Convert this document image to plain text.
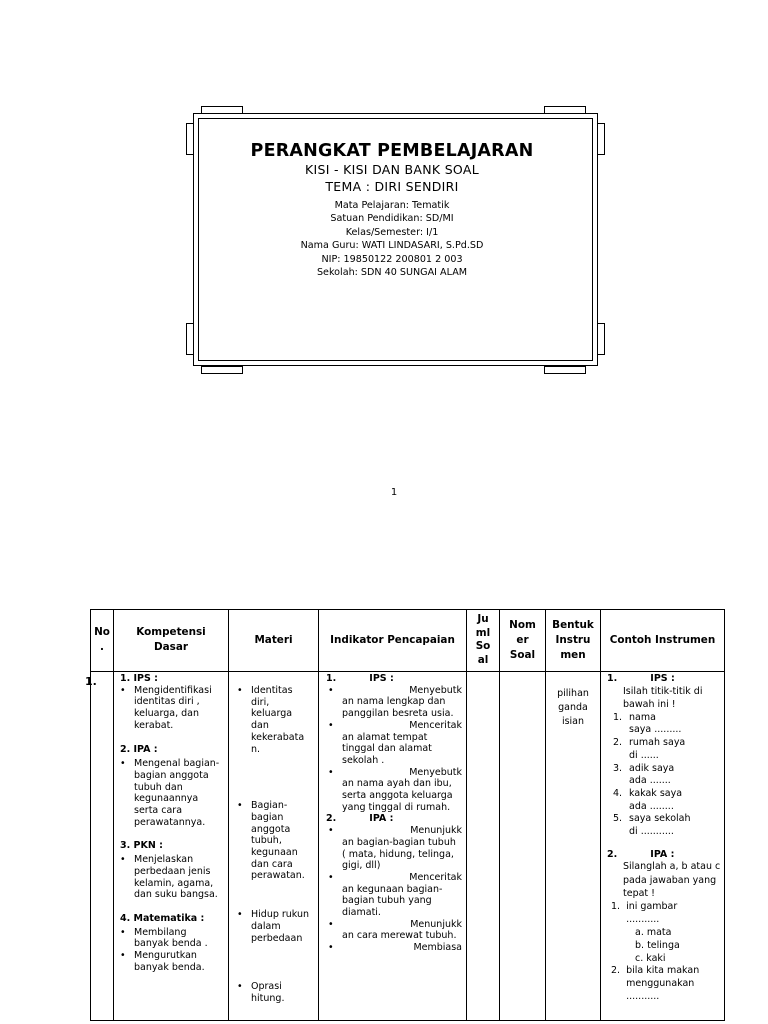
PERANGKAT PEMBELAJARAN

KISI - KISI DAN BANK SOAL

TEMA : DIRI SENDIRI

Mata Pelajaran: Tematik
Satuan Pendidikan: SD/MI
Kelas/Semester: I/1
Nama Guru: WATI LINDASARI, S.Pd.SD
NIP: 19850122 200801 2 003
Sekolah: SDN 40 SUNGAI ALAM
1
No
.
Kompetensi
Dasar
Materi	Indikator Pencapaian
Ju
ml
So
al
Nom
er
Soal
Bentuk
Instru
men
Contoh Instrumen
1. 1. IPS :
• Mengidentifikasi identitas diri , keluarga, dan kerabat.
2. IPA :
• Mengenal bagian-bagian anggota tubuh dan kegunaannya serta cara perawatannya.
3. PKN :
• Menjelaskan perbedaan jenis kelamin, agama, dan suku bangsa.
4. Matematika :
• Membilang banyak benda .
• Mengurutkan banyak benda.
• Identitas diri, keluarga dan kekerabata n.
• Bagian-bagian anggota tubuh, kegunaan dan cara perawatan.
• Hidup rukun dalam perbedaan
• Oprasi hitung.
1.          IPS :
• Menyebutk
an nama lengkap dan panggilan besreta usia.
• Menceritak
an alamat tempat tinggal dan alamat sekolah .
• Menyebutk
an nama ayah dan ibu, serta anggota keluarga yang tinggal di rumah.
2.          IPA :
• Menunjukk
an bagian-bagian tubuh ( mata, hidung, telinga, gigi, dll)
• Menceritak
an kegunaan bagian-bagian tubuh yang diamati.
• Menunjukk
an cara merewat tubuh.
• Membiasa
pilihan
ganda
isian
1.          IPS :
Isilah titik-titik di bawah ini !
1. nama
saya .........
2. rumah saya
di ......
3. adik saya
ada .......
4. kakak saya
ada ........
5. saya sekolah
di ...........
2.          IPA :
Silanglah a, b atau c pada jawaban yang tepat !
1.  ini gambar
...........
a. mata
b. telinga
c. kaki
2.  bila kita makan
menggunakan
...........
